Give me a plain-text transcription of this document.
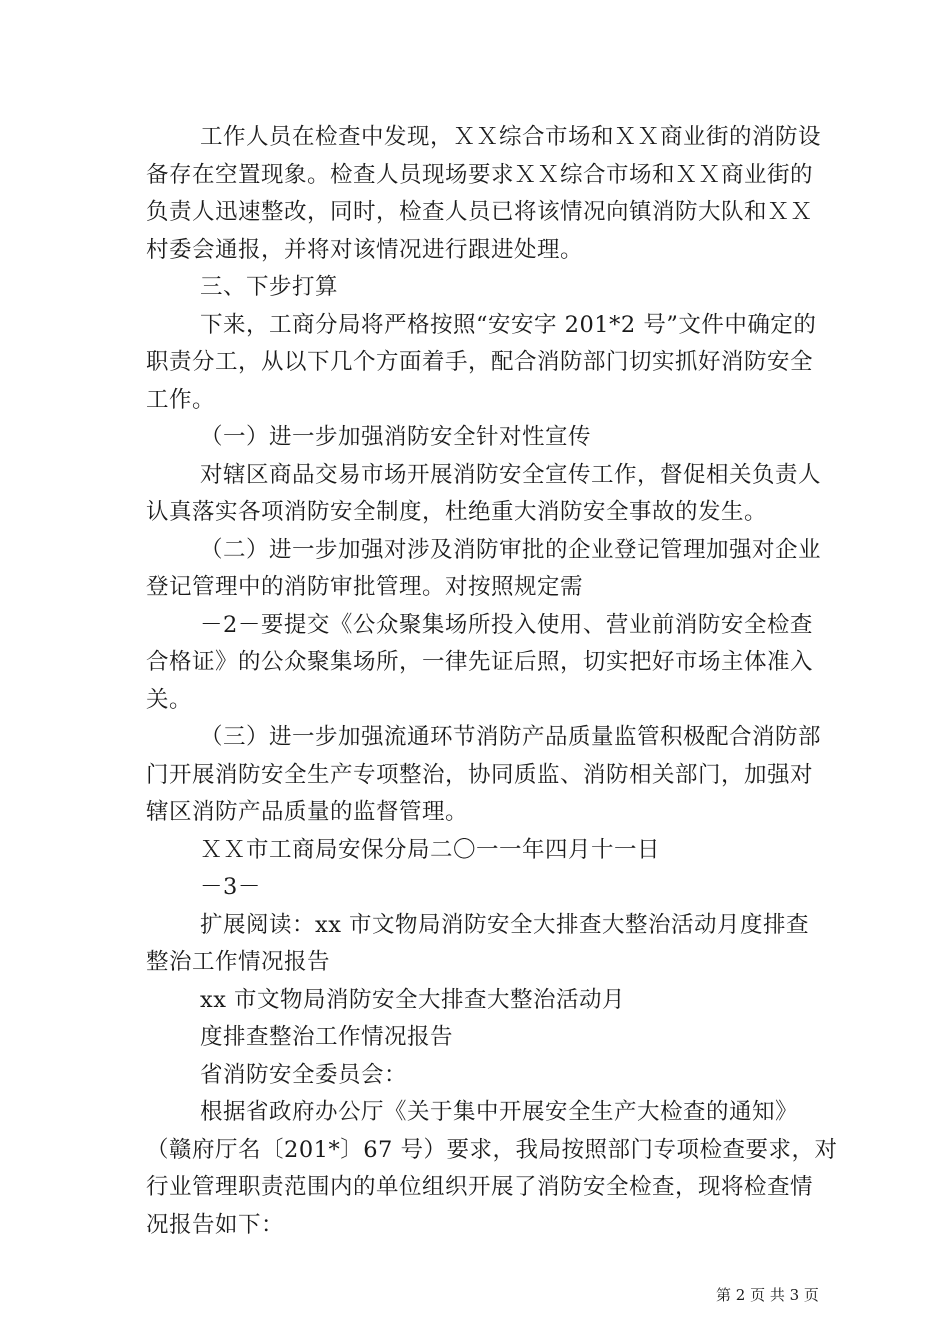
工作人员在检查中发现，ＸＸ综合市场和ＸＸ商业街的消防设
备存在空置现象。检查人员现场要求ＸＸ综合市场和ＸＸ商业街的
负责人迅速整改，同时，检查人员已将该情况向镇消防大队和ＸＸ
村委会通报，并将对该情况进行跟进处理。
三、下步打算
下来，工商分局将严格按照“安安字 201*2 号”文件中确定的
职责分工，从以下几个方面着手，配合消防部门切实抓好消防安全
工作。
（一）进一步加强消防安全针对性宣传
对辖区商品交易市场开展消防安全宣传工作，督促相关负责人
认真落实各项消防安全制度，杜绝重大消防安全事故的发生。
（二）进一步加强对涉及消防审批的企业登记管理加强对企业
登记管理中的消防审批管理。对按照规定需
－2－要提交《公众聚集场所投入使用、营业前消防安全检查
合格证》的公众聚集场所，一律先证后照，切实把好市场主体准入
关。
（三）进一步加强流通环节消防产品质量监管积极配合消防部
门开展消防安全生产专项整治，协同质监、消防相关部门，加强对
辖区消防产品质量的监督管理。
ＸＸ市工商局安保分局二〇一一年四月十一日
－3－
扩展阅读：xx 市文物局消防安全大排查大整治活动月度排查
整治工作情况报告
xx 市文物局消防安全大排查大整治活动月
度排查整治工作情况报告
省消防安全委员会：
根据省政府办公厅《关于集中开展安全生产大检查的通知》
（赣府厅名〔201*〕67 号）要求，我局按照部门专项检查要求，对
行业管理职责范围内的单位组织开展了消防安全检查，现将检查情
况报告如下：
第 2 页 共 3 页
